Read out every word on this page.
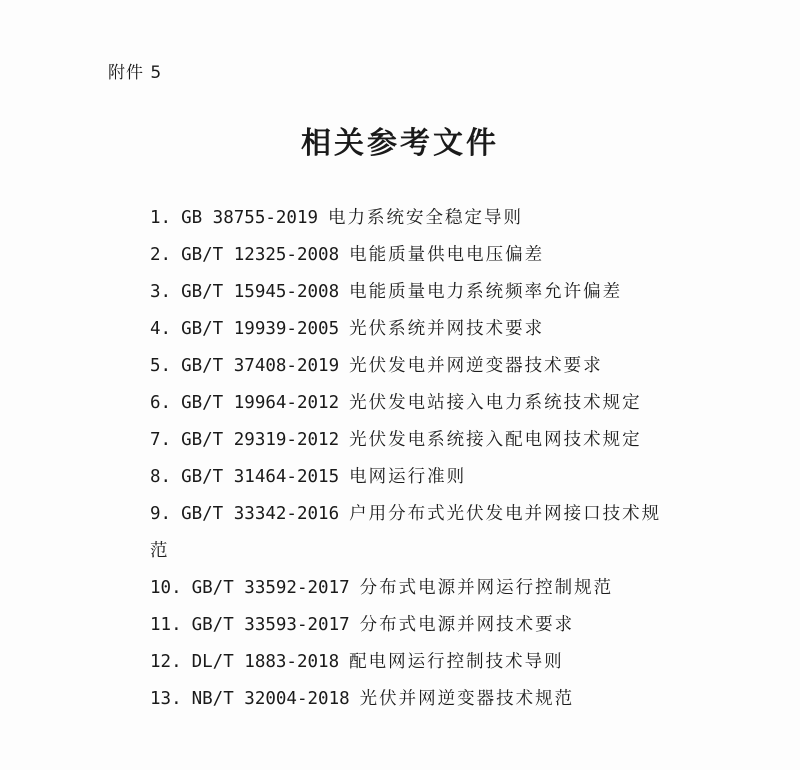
附件 5
相关参考文件
1. GB 38755-2019 电力系统安全稳定导则
2. GB/T 12325-2008 电能质量供电电压偏差
3. GB/T 15945-2008 电能质量电力系统频率允许偏差
4. GB/T 19939-2005 光伏系统并网技术要求
5. GB/T 37408-2019 光伏发电并网逆变器技术要求
6. GB/T 19964-2012 光伏发电站接入电力系统技术规定
7. GB/T 29319-2012 光伏发电系统接入配电网技术规定
8. GB/T 31464-2015 电网运行准则
9. GB/T 33342-2016 户用分布式光伏发电并网接口技术规范
10. GB/T 33592-2017 分布式电源并网运行控制规范
11. GB/T 33593-2017 分布式电源并网技术要求
12. DL/T 1883-2018 配电网运行控制技术导则
13. NB/T 32004-2018 光伏并网逆变器技术规范
